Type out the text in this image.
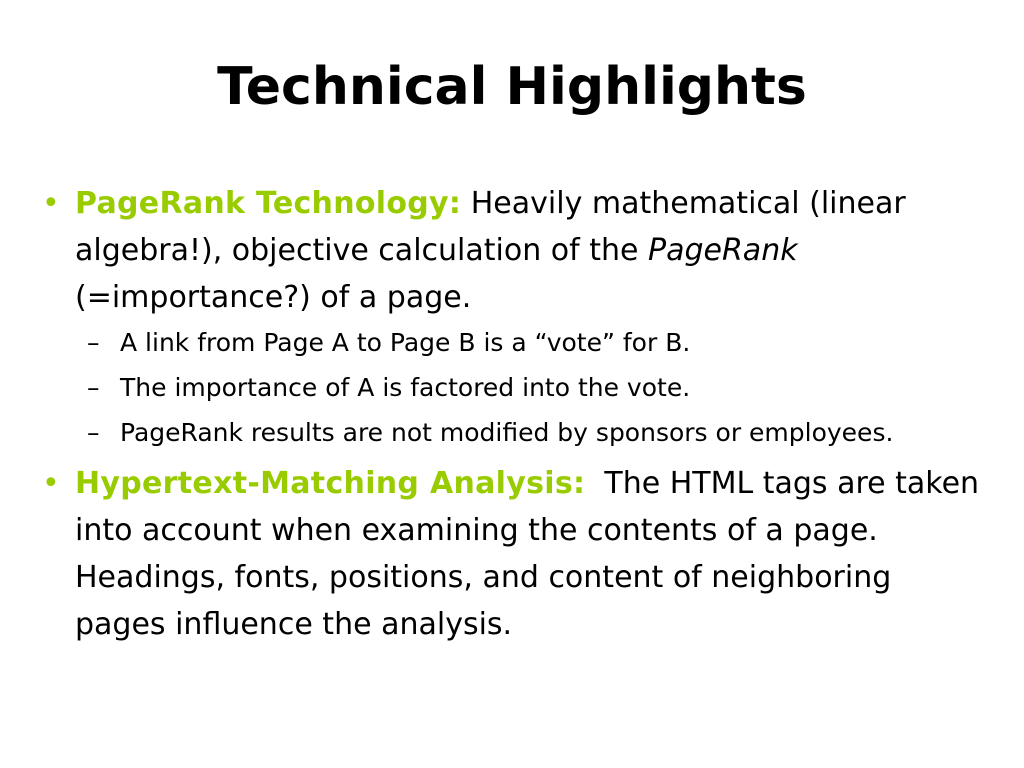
Technical Highlights
• PageRank Technology: Heavily mathematical (linear algebra!), objective calculation of the PageRank (=importance?) of a page.
– A link from Page A to Page B is a “vote” for B.
– The importance of A is factored into the vote.
– PageRank results are not modified by sponsors or employees.
• Hypertext-Matching Analysis:  The HTML tags are taken into account when examining the contents of a page.  Headings, fonts, positions, and content of neighboring pages influence the analysis.
